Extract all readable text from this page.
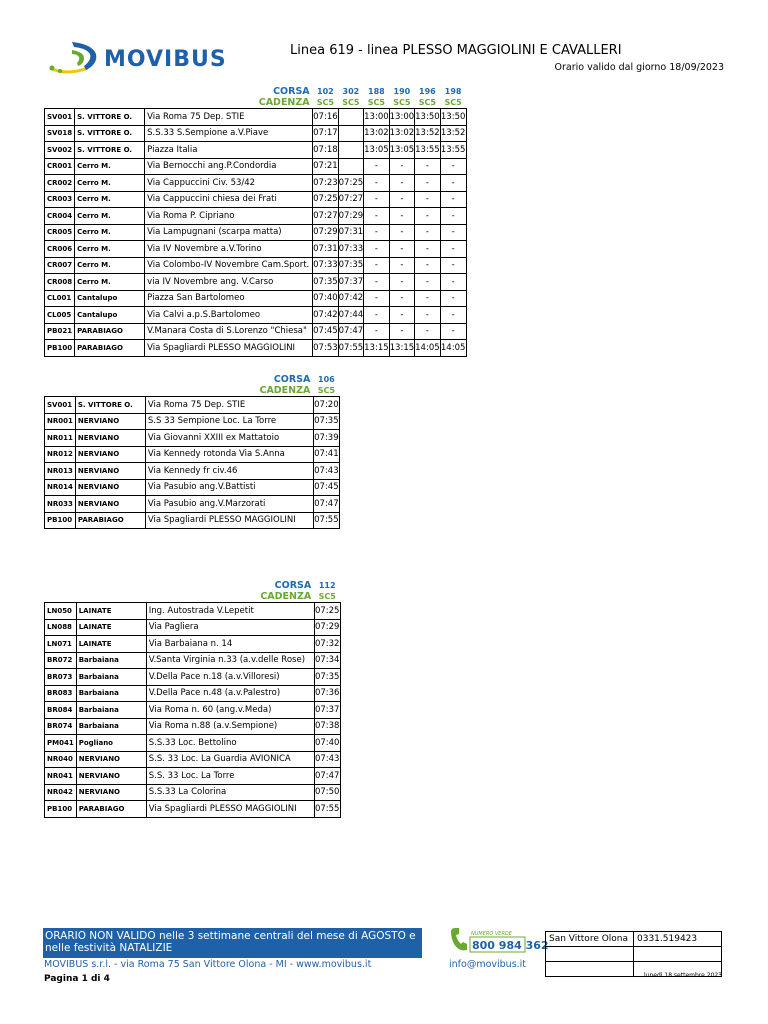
MOVIBUS	Linea 619 - linea PLESSO MAGGIOLINI E CAVALLERI
Orario valido dal giorno 18/09/2023
CORSA			102	302	188	190	196	198
CADENZA			SC5	SC5	SC5	SC5	SC5	SC5
SV001	S. VITTORE O.	Via Roma 75 Dep. STIE	07:16		13:00	13:00	13:50	13:50
SV018	S. VITTORE O.	S.S.33 S.Sempione a.V.Piave	07:17		13:02	13:02	13:52	13:52
SV002	S. VITTORE O.	Piazza Italia	07:18		13:05	13:05	13:55	13:55
CR001	Cerro M.	Via Bernocchi ang.P.Condordia	07:21		-	-	-	-
CR002	Cerro M.	Via Cappuccini Civ. 53/42	07:23	07:25	-	-	-	-
CR003	Cerro M.	Via Cappuccini chiesa dei Frati	07:25	07:27	-	-	-	-
CR004	Cerro M.	Via Roma P. Cipriano	07:27	07:29	-	-	-	-
CR005	Cerro M.	Via Lampugnani (scarpa matta)	07:29	07:31	-	-	-	-
CR006	Cerro M.	Via IV Novembre a.V.Torino	07:31	07:33	-	-	-	-
CR007	Cerro M.	Via Colombo-IV Novembre Cam.Sport.	07:33	07:35	-	-	-	-
CR008	Cerro M.	via IV Novembre ang. V.Carso	07:35	07:37	-	-	-	-
CL001	Cantalupo	Piazza San Bartolomeo	07:40	07:42	-	-	-	-
CL005	Cantalupo	Via Calvi a.p.S.Bartolomeo	07:42	07:44	-	-	-	-
PB021	PARABIAGO	V.Manara Costa di S.Lorenzo "Chiesa"	07:45	07:47	-	-	-	-
PB100	PARABIAGO	Via Spagliardi PLESSO MAGGIOLINI	07:53	07:55	13:15	13:15	14:05	14:05
CORSA			106
CADENZA			SC5
SV001	S. VITTORE O.	Via Roma 75 Dep. STIE	07:20
NR001	NERVIANO	S.S 33 Sempione Loc. La Torre	07:35
NR011	NERVIANO	Via Giovanni XXIII ex Mattatoio	07:39
NR012	NERVIANO	Via Kennedy rotonda Via S.Anna	07:41
NR013	NERVIANO	Via Kennedy fr civ.46	07:43
NR014	NERVIANO	Via Pasubio ang.V.Battisti	07:45
NR033	NERVIANO	Via Pasubio ang.V.Marzorati	07:47
PB100	PARABIAGO	Via Spagliardi PLESSO MAGGIOLINI	07:55
CORSA			112
CADENZA			SC5
LN050	LAINATE	Ing. Autostrada V.Lepetit	07:25
LN088	LAINATE	Via Pagliera	07:29
LN071	LAINATE	Via Barbaiana n. 14	07:32
BR072	Barbaiana	V.Santa Virginia n.33 (a.v.delle Rose)	07:34
BR073	Barbaiana	V.Della Pace n.18 (a.v.Villoresi)	07:35
BR083	Barbaiana	V.Della Pace n.48 (a.v.Palestro)	07:36
BR084	Barbaiana	Via Roma n. 60 (ang.v.Meda)	07:37
BR074	Barbaiana	Via Roma n.88 (a.v.Sempione)	07:38
PM041	Pogliano	S.S.33 Loc. Bettolino	07:40
NR040	NERVIANO	S.S. 33 Loc. La Guardia AVIONICA	07:43
NR041	NERVIANO	S.S. 33 Loc. La Torre	07:47
NR042	NERVIANO	S.S.33 La Colorina	07:50
PB100	PARABIAGO	Via Spagliardi PLESSO MAGGIOLINI	07:55
ORARIO NON VALIDO nelle 3 settimane centrali del mese di AGOSTO e nelle festività NATALIZIE
NUMERO VERDE
800 984 362
MOVIBUS s.r.l. - via Roma 75 San Vittore Olona - MI - www.movibus.it	info@movibus.it
Pagina 1 di 4	lunedì 18 settembre 2023
San Vittore Olona	0331.519423
